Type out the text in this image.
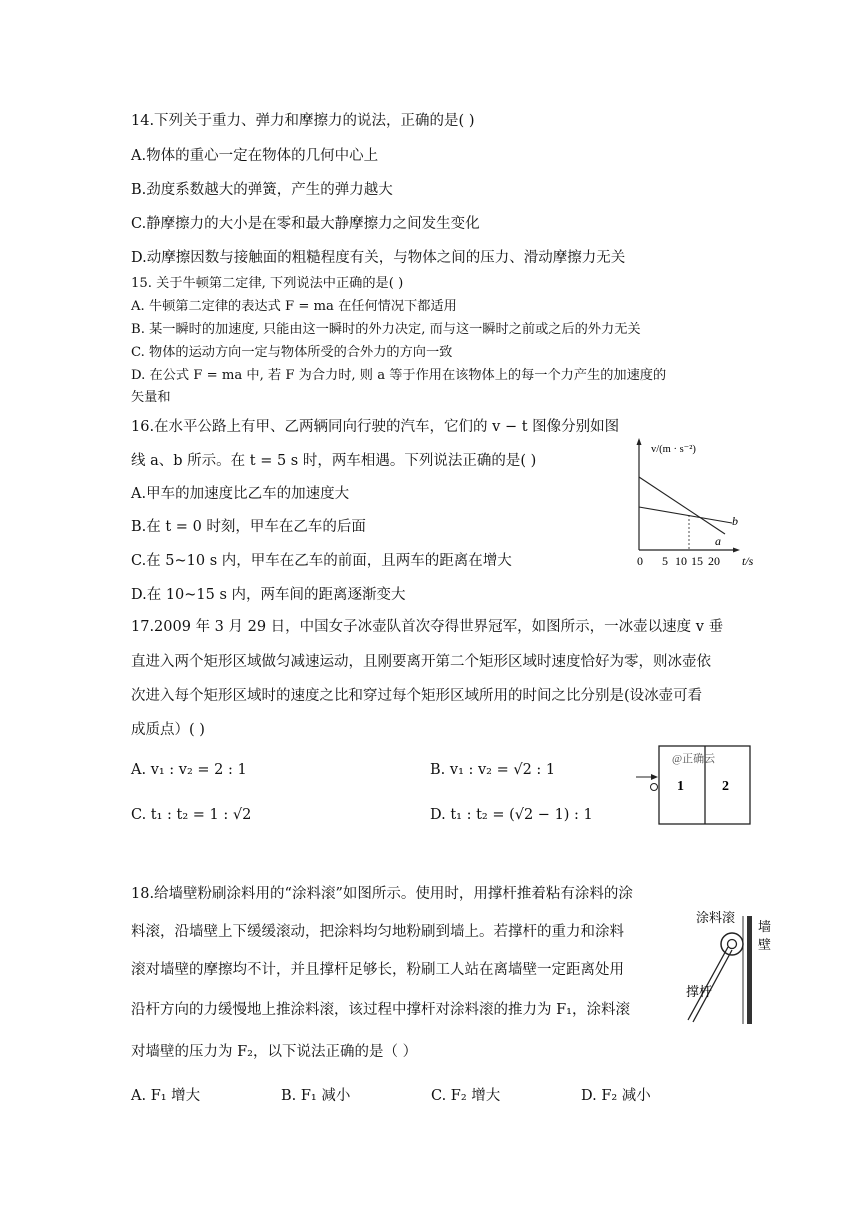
14.下列关于重力、弹力和摩擦力的说法，正确的是( )
A.物体的重心一定在物体的几何中心上
B.劲度系数越大的弹簧，产生的弹力越大
C.静摩擦力的大小是在零和最大静摩擦力之间发生变化
D.动摩擦因数与接触面的粗糙程度有关，与物体之间的压力、滑动摩擦力无关
15. 关于牛顿第二定律, 下列说法中正确的是( )
A. 牛顿第二定律的表达式 F = ma 在任何情况下都适用
B. 某一瞬时的加速度, 只能由这一瞬时的外力决定, 而与这一瞬时之前或之后的外力无关
C. 物体的运动方向一定与物体所受的合外力的方向一致
D. 在公式 F = ma 中, 若 F 为合力时, 则 a 等于作用在该物体上的每一个力产生的加速度的
矢量和
16.在水平公路上有甲、乙两辆同向行驶的汽车，它们的 v − t 图像分别如图
线 a、b 所示。在 t = 5 s 时，两车相遇。下列说法正确的是( )
A.甲车的加速度比乙车的加速度大
B.在 t = 0 时刻，甲车在乙车的后面
C.在 5~10 s 内，甲车在乙车的前面，且两车的距离在增大
D.在 10~15 s 内，两车间的距离逐渐变大
v/(m · s⁻²)
a
b
0 5 10 15 20 t/s
17.2009 年 3 月 29 日，中国女子冰壶队首次夺得世界冠军，如图所示，一冰壶以速度 v 垂
直进入两个矩形区域做匀减速运动，且刚要离开第二个矩形区域时速度恰好为零，则冰壶依
次进入每个矩形区域时的速度之比和穿过每个矩形区域所用的时间之比分别是(设冰壶可看
成质点）( )
A. v₁ : v₂ = 2 : 1	B. v₁ : v₂ = √2 : 1
C. t₁ : t₂ = 1 : √2	D. t₁ : t₂ = (√2 − 1) : 1
@正确云
1	2
18.给墙壁粉刷涂料用的“涂料滚”如图所示。使用时，用撑杆推着粘有涂料的涂
料滚，沿墙壁上下缓缓滚动，把涂料均匀地粉刷到墙上。若撑杆的重力和涂料
滚对墙壁的摩擦均不计，并且撑杆足够长，粉刷工人站在离墙壁一定距离处用
沿杆方向的力缓慢地上推涂料滚，该过程中撑杆对涂料滚的推力为 F₁，涂料滚
对墙壁的压力为 F₂，以下说法正确的是（ ）
A. F₁ 增大	B. F₁ 减小	C. F₂ 增大	D. F₂ 减小
涂料滚
墙
壁
撑杆
